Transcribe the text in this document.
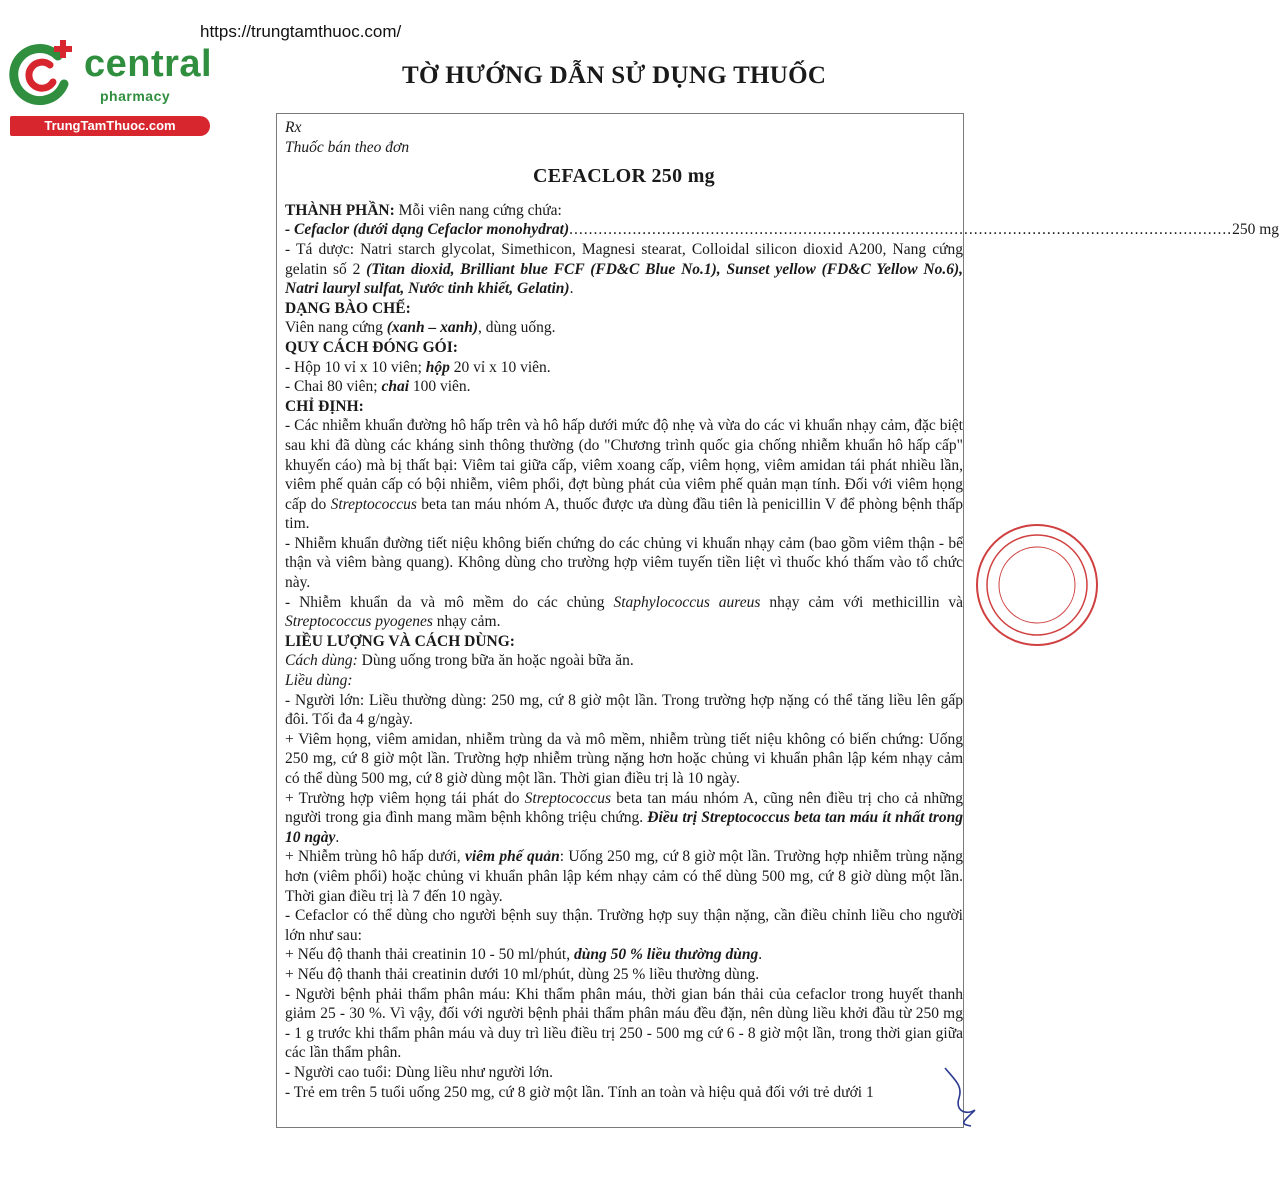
https://trungtamthuoc.com/
central
pharmacy
TrungTamThuoc.com
TỜ HƯỚNG DẪN SỬ DỤNG THUỐC
Rx
Thuốc bán theo đơn
CEFACLOR 250 mg
THÀNH PHẦN: Mỗi viên nang cứng chứa:
- Cefaclor (dưới dạng Cefaclor monohydrat) ........................................................................................................................................ 250 mg
- Tá dược: Natri starch glycolat, Simethicon, Magnesi stearat, Colloidal silicon dioxid A200, Nang cứng gelatin số 2 (Titan dioxid, Brilliant blue FCF (FD&C Blue No.1), Sunset yellow (FD&C Yellow No.6), Natri lauryl sulfat, Nước tinh khiết, Gelatin).
DẠNG BÀO CHẾ:
Viên nang cứng (xanh – xanh), dùng uống.
QUY CÁCH ĐÓNG GÓI:
- Hộp 10 vỉ x 10 viên; hộp 20 vỉ x 10 viên.
- Chai 80 viên; chai 100 viên.
CHỈ ĐỊNH:
- Các nhiễm khuẩn đường hô hấp trên và hô hấp dưới mức độ nhẹ và vừa do các vi khuẩn nhạy cảm, đặc biệt sau khi đã dùng các kháng sinh thông thường (do "Chương trình quốc gia chống nhiễm khuẩn hô hấp cấp" khuyến cáo) mà bị thất bại: Viêm tai giữa cấp, viêm xoang cấp, viêm họng, viêm amidan tái phát nhiều lần, viêm phế quản cấp có bội nhiễm, viêm phổi, đợt bùng phát của viêm phế quản mạn tính. Đối với viêm họng cấp do Streptococcus beta tan máu nhóm A, thuốc được ưa dùng đầu tiên là penicillin V để phòng bệnh thấp tim.
- Nhiễm khuẩn đường tiết niệu không biến chứng do các chủng vi khuẩn nhạy cảm (bao gồm viêm thận - bể thận và viêm bàng quang). Không dùng cho trường hợp viêm tuyến tiền liệt vì thuốc khó thấm vào tổ chức này.
- Nhiễm khuẩn da và mô mềm do các chủng Staphylococcus aureus nhạy cảm với methicillin và Streptococcus pyogenes nhạy cảm.
LIỀU LƯỢNG VÀ CÁCH DÙNG:
Cách dùng: Dùng uống trong bữa ăn hoặc ngoài bữa ăn.
Liều dùng:
- Người lớn: Liều thường dùng: 250 mg, cứ 8 giờ một lần. Trong trường hợp nặng có thể tăng liều lên gấp đôi. Tối đa 4 g/ngày.
+ Viêm họng, viêm amidan, nhiễm trùng da và mô mềm, nhiễm trùng tiết niệu không có biến chứng: Uống 250 mg, cứ 8 giờ một lần. Trường hợp nhiễm trùng nặng hơn hoặc chủng vi khuẩn phân lập kém nhạy cảm có thể dùng 500 mg, cứ 8 giờ dùng một lần. Thời gian điều trị là 10 ngày.
+ Trường hợp viêm họng tái phát do Streptococcus beta tan máu nhóm A, cũng nên điều trị cho cả những người trong gia đình mang mầm bệnh không triệu chứng. Điều trị Streptococcus beta tan máu ít nhất trong 10 ngày.
+ Nhiễm trùng hô hấp dưới, viêm phế quản: Uống 250 mg, cứ 8 giờ một lần. Trường hợp nhiễm trùng nặng hơn (viêm phổi) hoặc chủng vi khuẩn phân lập kém nhạy cảm có thể dùng 500 mg, cứ 8 giờ dùng một lần. Thời gian điều trị là 7 đến 10 ngày.
- Cefaclor có thể dùng cho người bệnh suy thận. Trường hợp suy thận nặng, cần điều chỉnh liều cho người lớn như sau:
+ Nếu độ thanh thải creatinin 10 - 50 ml/phút, dùng 50 % liều thường dùng.
+ Nếu độ thanh thải creatinin dưới 10 ml/phút, dùng 25 % liều thường dùng.
- Người bệnh phải thẩm phân máu: Khi thẩm phân máu, thời gian bán thải của cefaclor trong huyết thanh giảm 25 - 30 %. Vì vậy, đối với người bệnh phải thẩm phân máu đều đặn, nên dùng liều khởi đầu từ 250 mg - 1 g trước khi thẩm phân máu và duy trì liều điều trị 250 - 500 mg cứ 6 - 8 giờ một lần, trong thời gian giữa các lần thẩm phân.
- Người cao tuổi: Dùng liều như người lớn.
- Trẻ em trên 5 tuổi uống 250 mg, cứ 8 giờ một lần. Tính an toàn và hiệu quả đối với trẻ dưới 1
